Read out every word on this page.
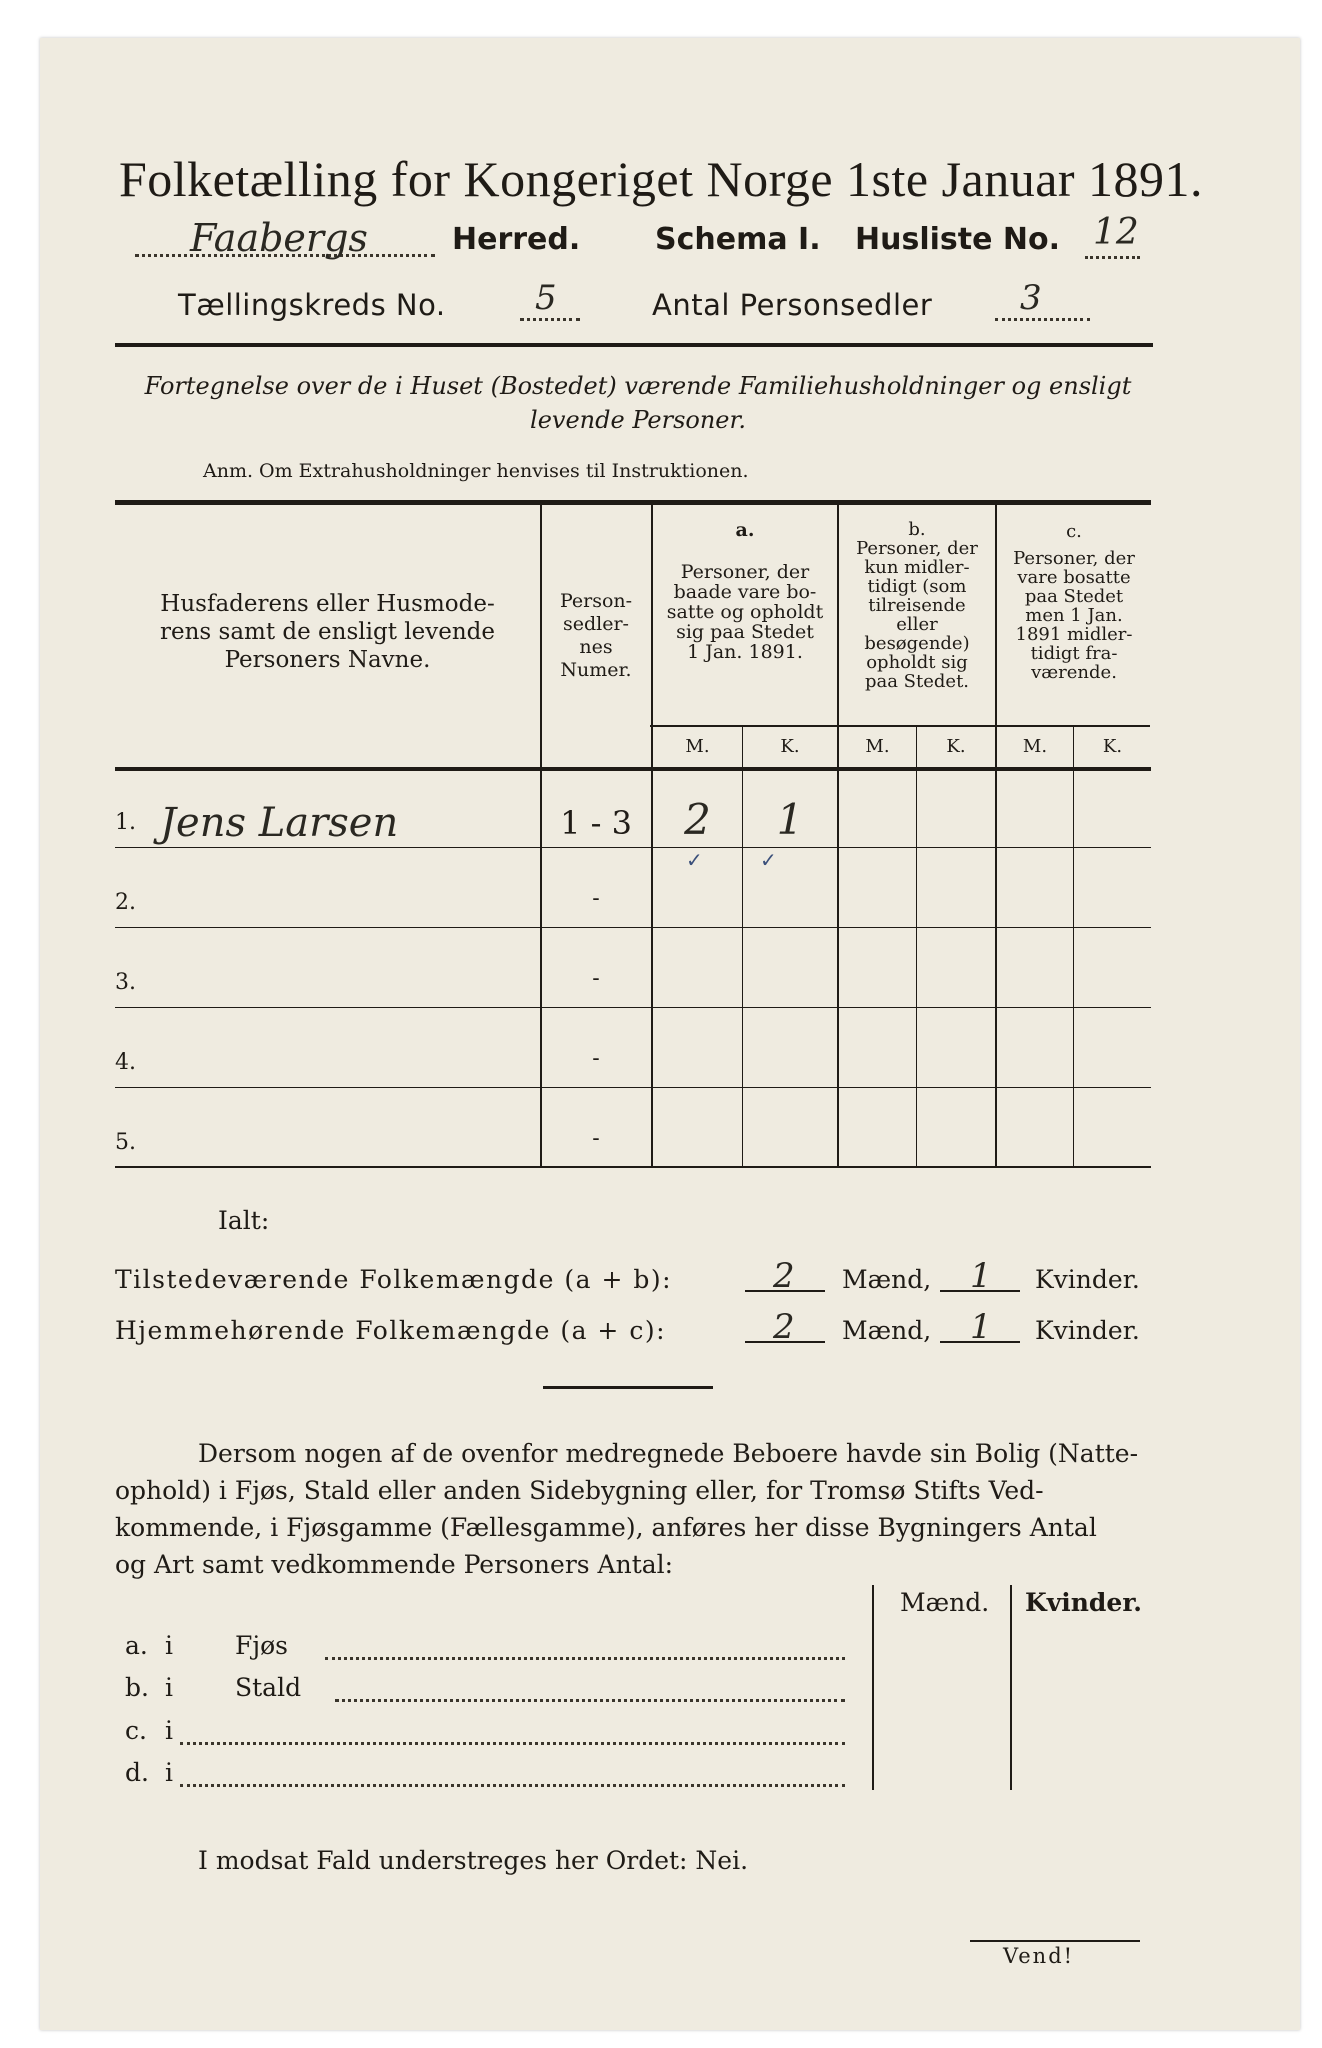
Folketælling for Kongeriget Norge 1ste Januar 1891.
Faabergs	Herred. Schema I. Husliste No. 12
Tællingskreds No.	5	Antal Personsedler	3
Fortegnelse over de i Huset (Bostedet) værende Familiehusholdninger og ensligt
levende Personer.
Anm. Om Extrahusholdninger henvises til Instruktionen.
Husfaderens eller Husmode-
rens samt de ensligt levende
Personers Navne.
Person-
sedler-
nes
Numer.
a.
Personer, der
baade vare bo-
satte og opholdt
sig paa Stedet
1 Jan. 1891.
b.
Personer, der
kun midler-
tidigt (som
tilreisende
eller
besøgende)
opholdt sig
paa Stedet.
c.
Personer, der
vare bosatte
paa Stedet
men 1 Jan.
1891 midler-
tidigt fra-
værende.
M.	K.	M.	K.	M.	K.
1. Jens Larsen	1 - 3	2	1
✓	✓
2.	-
3.	-
4.	-
5.	-
Ialt:
Tilstedeværende Folkemængde (a + b):	2 Mænd, 1 Kvinder.
Hjemmehørende Folkemængde (a + c):	2 Mænd, 1 Kvinder.
Dersom nogen af de ovenfor medregnede Beboere havde sin Bolig (Natte-
ophold) i Fjøs, Stald eller anden Sidebygning eller, for Tromsø Stifts Ved-
kommende, i Fjøsgamme (Fællesgamme), anføres her disse Bygningers Antal
og Art samt vedkommende Personers Antal:
Mænd. Kvinder.
a. i Fjøs
b. i Stald
c. i
d. i
I modsat Fald understreges her Ordet: Nei.
Vend!
